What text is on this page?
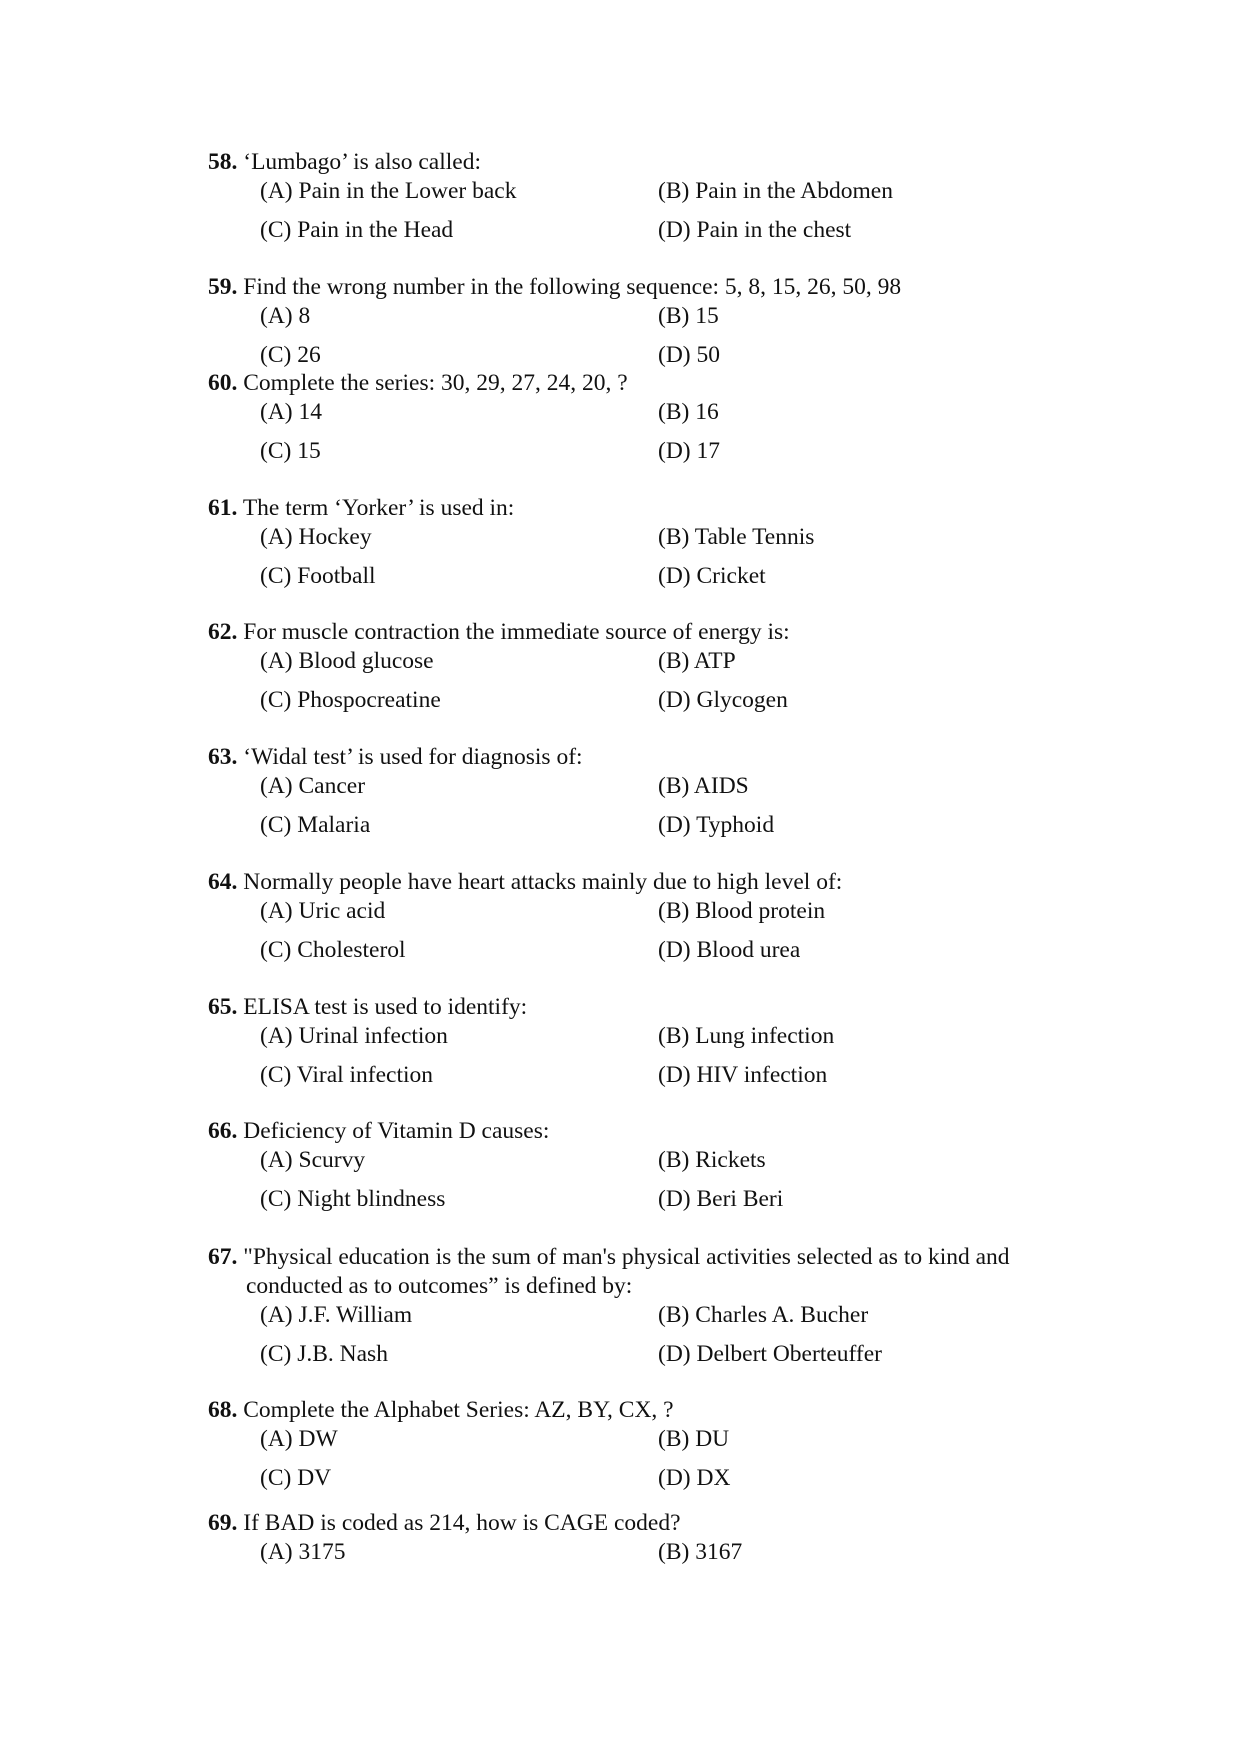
58. ‘Lumbago’ is also called:
(A) Pain in the Lower back	(B) Pain in the Abdomen
(C) Pain in the Head	(D) Pain in the chest
59. Find the wrong number in the following sequence: 5, 8, 15, 26, 50, 98
(A) 8	(B) 15
(C) 26	(D) 50
60. Complete the series: 30, 29, 27, 24, 20, ?
(A) 14	(B) 16
(C) 15	(D) 17
61. The term ‘Yorker’ is used in:
(A) Hockey	(B) Table Tennis
(C) Football	(D) Cricket
62. For muscle contraction the immediate source of energy is:
(A) Blood glucose	(B) ATP
(C) Phospocreatine	(D) Glycogen
63. ‘Widal test’ is used for diagnosis of:
(A) Cancer	(B) AIDS
(C) Malaria	(D) Typhoid
64. Normally people have heart attacks mainly due to high level of:
(A) Uric acid	(B) Blood protein
(C) Cholesterol	(D) Blood urea
65. ELISA test is used to identify:
(A) Urinal infection	(B) Lung infection
(C) Viral infection	(D) HIV infection
66. Deficiency of Vitamin D causes:
(A) Scurvy	(B) Rickets
(C) Night blindness	(D) Beri Beri
67. "Physical education is the sum of man's physical activities selected as to kind and
conducted as to outcomes” is defined by:
(A) J.F. William	(B) Charles A. Bucher
(C) J.B. Nash	(D) Delbert Oberteuffer
68. Complete the Alphabet Series: AZ, BY, CX, ?
(A) DW	(B) DU
(C) DV	(D) DX
69. If BAD is coded as 214, how is CAGE coded?
(A) 3175	(B) 3167
